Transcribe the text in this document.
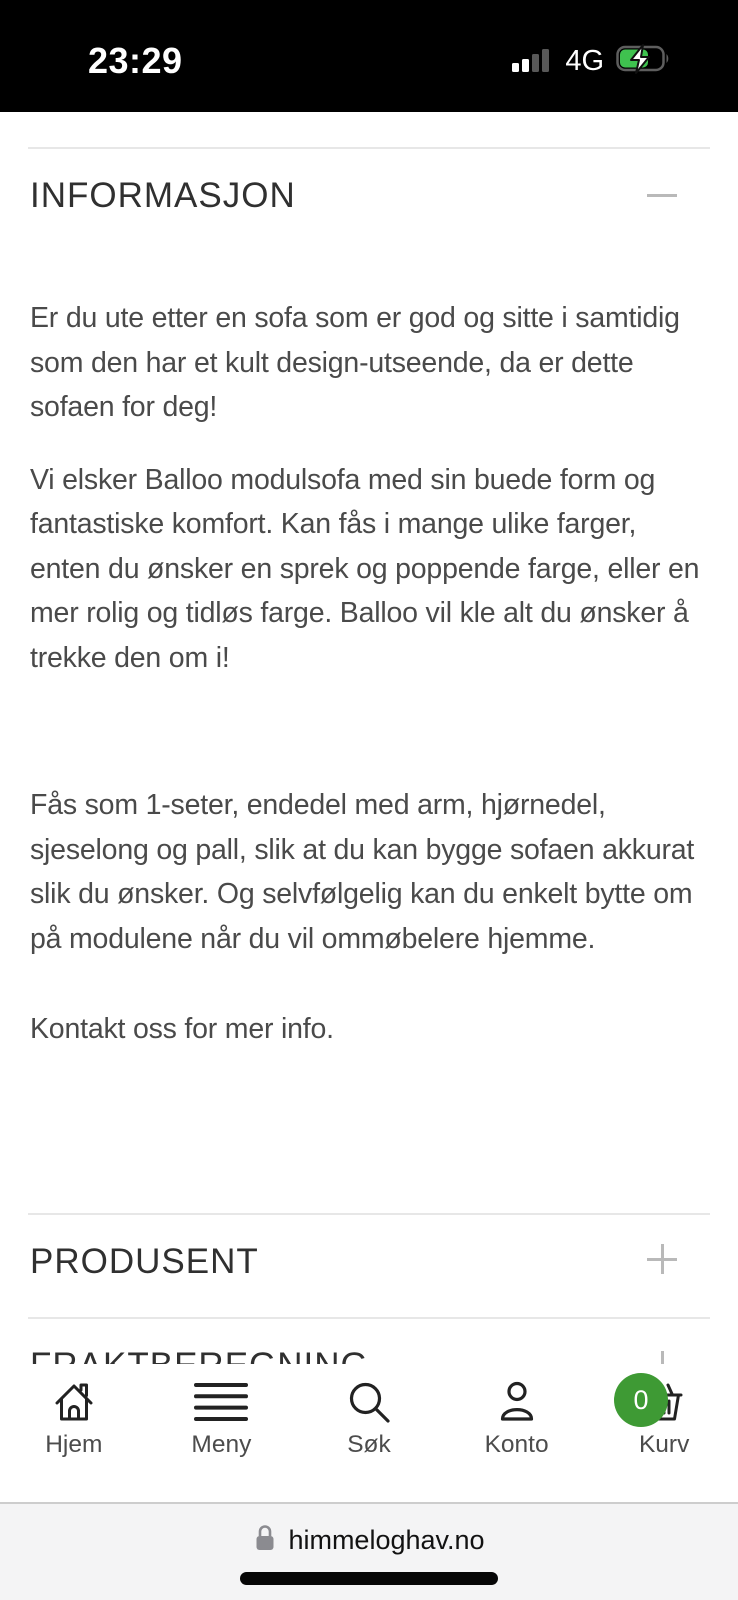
23:29	4G
INFORMASJON

Er du ute etter en sofa som er god og sitte i samtidig som den har et kult design-utseende, da er dette sofaen for deg!

Vi elsker Balloo modulsofa med sin buede form og fantastiske komfort. Kan fås i mange ulike farger, enten du ønsker en sprek og poppende farge, eller en mer rolig og tidløs farge. Balloo vil kle alt du ønsker å trekke den om i!

Fås som 1-seter, endedel med arm, hjørnedel, sjeselong og pall, slik at du kan bygge sofaen akkurat slik du ønsker. Og selvfølgelig kan du enkelt bytte om på modulene når du vil ommøbelere hjemme.

Kontakt oss for mer info.

PRODUSENT
Hjem	Meny	Søk	Konto	Kurv
0
himmeloghav.no
